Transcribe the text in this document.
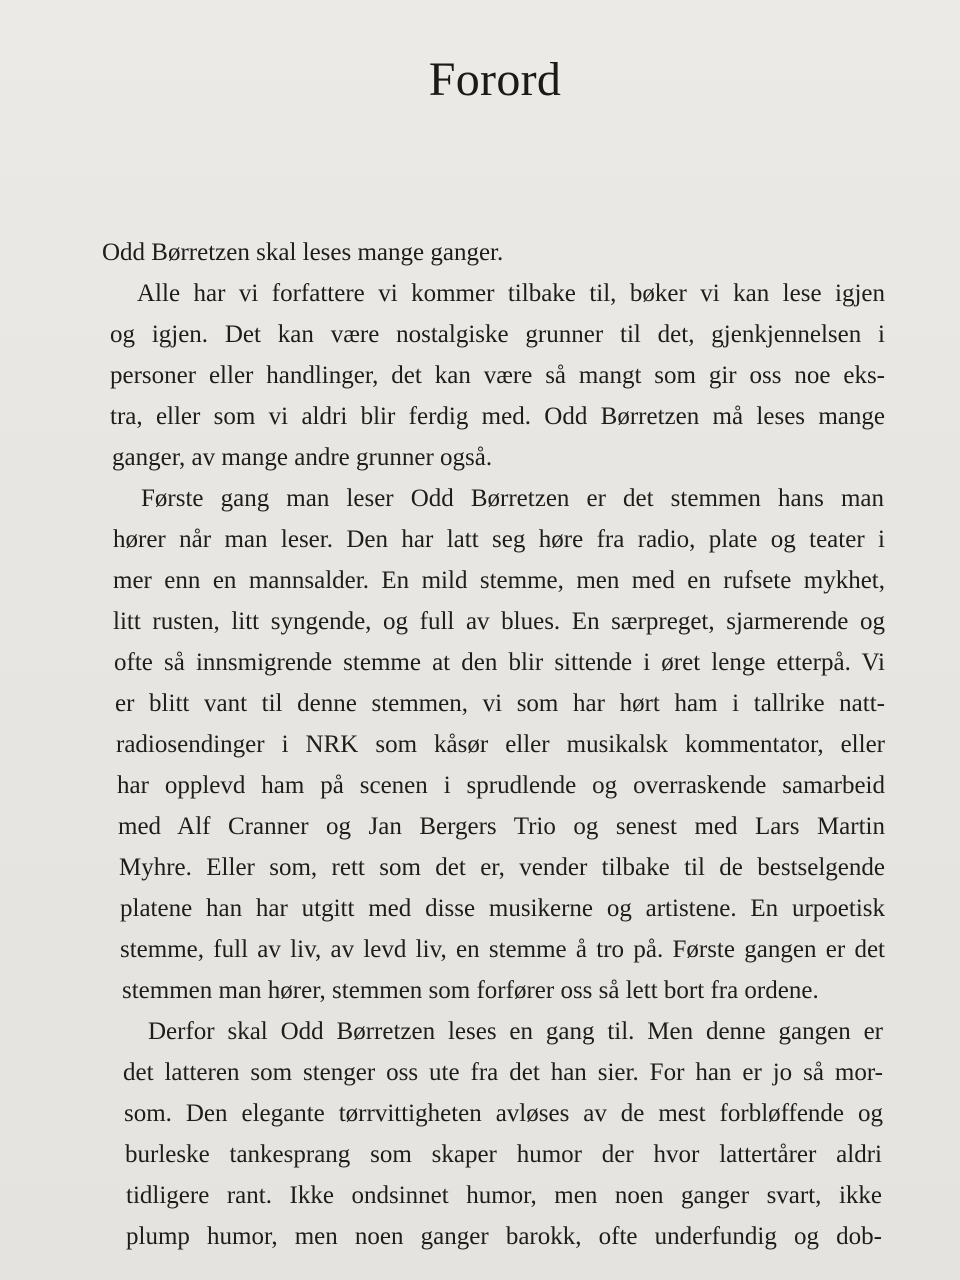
Forord
Odd Børretzen skal leses mange ganger.
Alle har vi forfattere vi kommer tilbake til, bøker vi kan lese igjen
og igjen. Det kan være nostalgiske grunner til det, gjenkjennelsen i
personer eller handlinger, det kan være så mangt som gir oss noe eks-
tra, eller som vi aldri blir ferdig med. Odd Børretzen må leses mange
ganger, av mange andre grunner også.
Første gang man leser Odd Børretzen er det stemmen hans man
hører når man leser. Den har latt seg høre fra radio, plate og teater i
mer enn en mannsalder. En mild stemme, men med en rufsete mykhet,
litt rusten, litt syngende, og full av blues. En særpreget, sjarmerende og
ofte så innsmigrende stemme at den blir sittende i øret lenge etterpå. Vi
er blitt vant til denne stemmen, vi som har hørt ham i tallrike natt-
radiosendinger i NRK som kåsør eller musikalsk kommentator, eller
har opplevd ham på scenen i sprudlende og overraskende samarbeid
med Alf Cranner og Jan Bergers Trio og senest med Lars Martin
Myhre. Eller som, rett som det er, vender tilbake til de bestselgende
platene han har utgitt med disse musikerne og artistene. En urpoetisk
stemme, full av liv, av levd liv, en stemme å tro på. Første gangen er det
stemmen man hører, stemmen som forfører oss så lett bort fra ordene.
Derfor skal Odd Børretzen leses en gang til. Men denne gangen er
det latteren som stenger oss ute fra det han sier. For han er jo så mor-
som. Den elegante tørrvittigheten avløses av de mest forbløffende og
burleske tankesprang som skaper humor der hvor lattertårer aldri
tidligere rant. Ikke ondsinnet humor, men noen ganger svart, ikke
plump humor, men noen ganger barokk, ofte underfundig og dob-
